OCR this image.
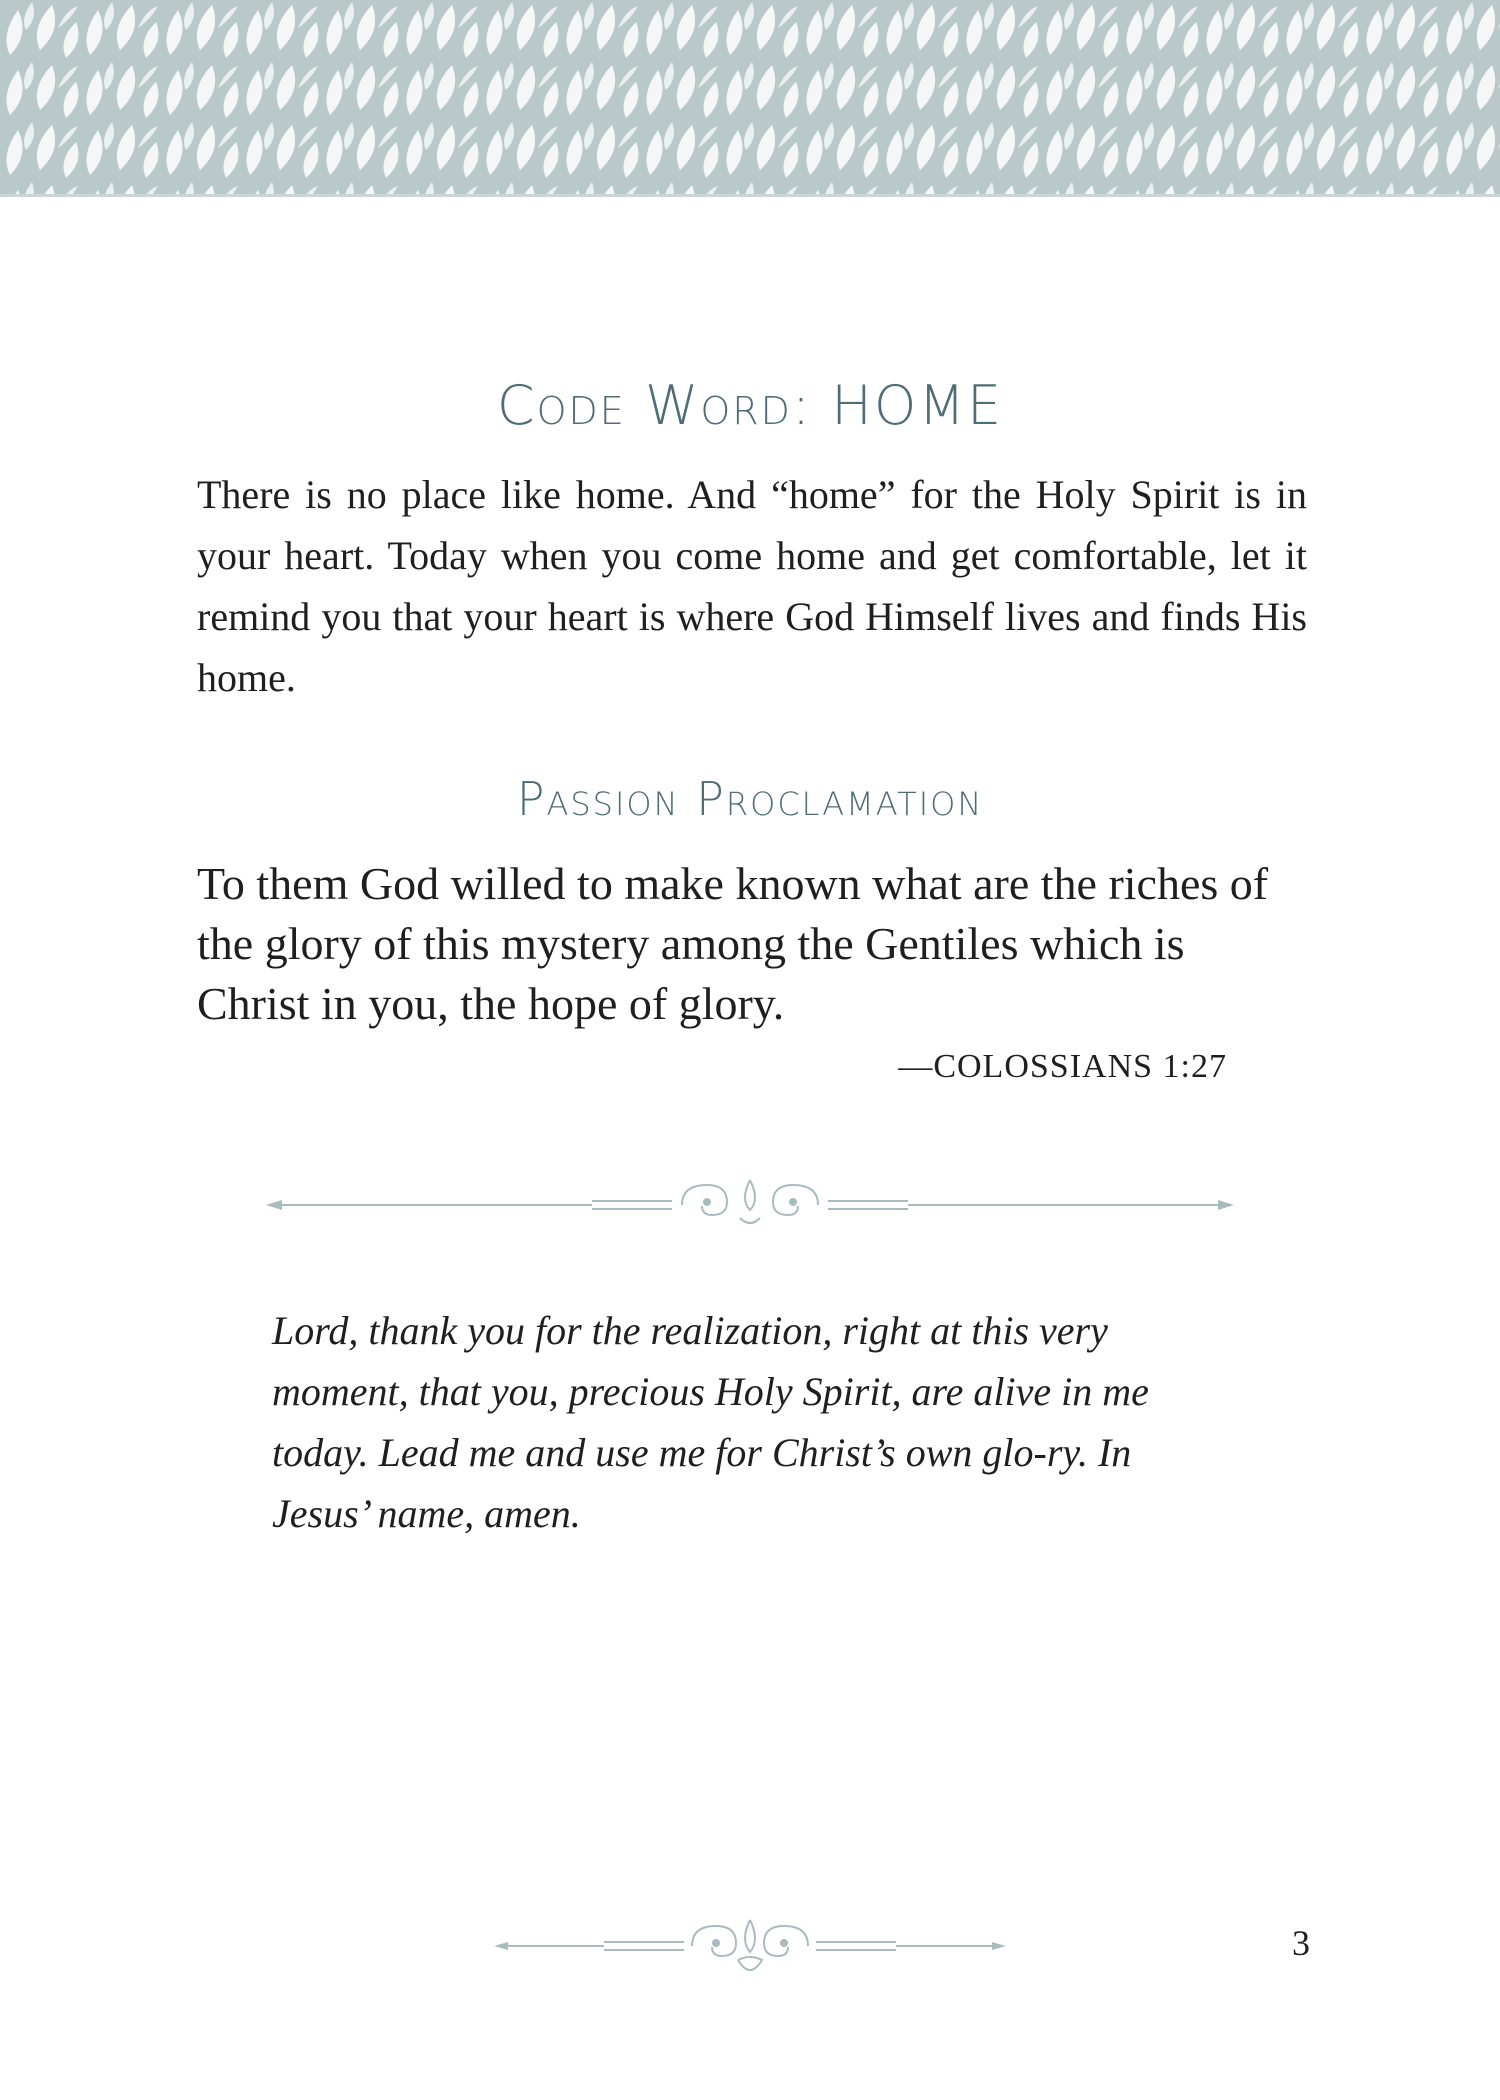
Code Word: HOME

There is no place like home. And “home” for the Holy Spirit is in your heart. Today when you come home and get comfortable, let it remind you that your heart is where God Himself lives and finds His home.

Passion Proclamation

To them God willed to make known what are the riches of the glory of this mystery among the Gentiles which is Christ in you, the hope of glory.

—COLOSSIANS 1:27

Lord, thank you for the realization, right at this very moment, that you, precious Holy Spirit, are alive in me today. Lead me and use me for Christ’s own glo-ry. In Jesus’ name, amen.

3
